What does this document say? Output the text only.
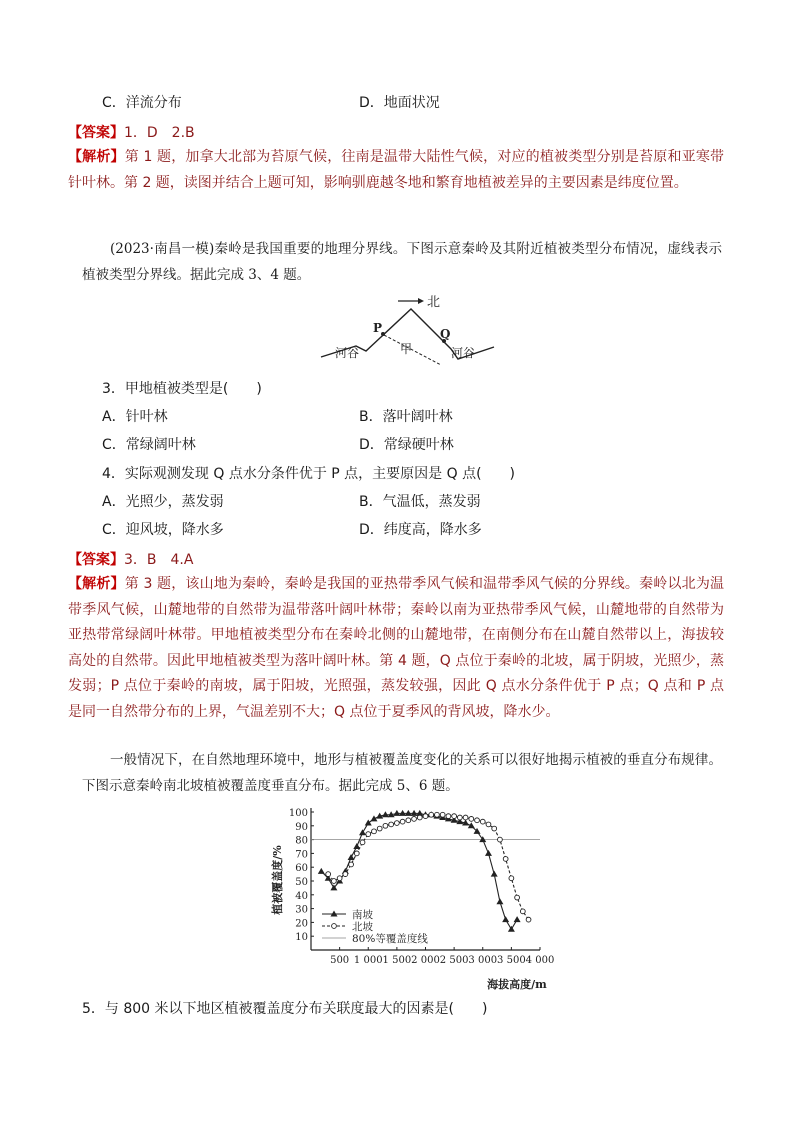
C．洋流分布	D．地面状况
【答案】1．D　2.B
【解析】第 1 题，加拿大北部为苔原气候，往南是温带大陆性气候，对应的植被类型分别是苔原和亚寒带针叶林。第 2 题，读图并结合上题可知，影响驯鹿越冬地和繁育地植被差异的主要因素是纬度位置。
(2023·南昌一模)秦岭是我国重要的地理分界线。下图示意秦岭及其附近植被类型分布情况，虚线表示植被类型分界线。据此完成 3、4 题。
北
P	Q
河谷	河谷
甲
3．甲地植被类型是(　　)
A．针叶林	B．落叶阔叶林
C．常绿阔叶林	D．常绿硬叶林
4．实际观测发现 Q 点水分条件优于 P 点，主要原因是 Q 点(　　)
A．光照少，蒸发弱	B．气温低，蒸发弱
C．迎风坡，降水多	D．纬度高，降水多
【答案】3．B　4.A
【解析】第 3 题，该山地为秦岭，秦岭是我国的亚热带季风气候和温带季风气候的分界线。秦岭以北为温带季风气候，山麓地带的自然带为温带落叶阔叶林带；秦岭以南为亚热带季风气候，山麓地带的自然带为亚热带常绿阔叶林带。甲地植被类型分布在秦岭北侧的山麓地带，在南侧分布在山麓自然带以上，海拔较高处的自然带。因此甲地植被类型为落叶阔叶林。第 4 题，Q 点位于秦岭的北坡，属于阴坡，光照少，蒸发弱；P 点位于秦岭的南坡，属于阳坡，光照强，蒸发较强，因此 Q 点水分条件优于 P 点；Q 点和 P 点是同一自然带分布的上界，气温差别不大；Q 点位于夏季风的背风坡，降水少。
一般情况下，在自然地理环境中，地形与植被覆盖度变化的关系可以很好地揭示植被的垂直分布规律。下图示意秦岭南北坡植被覆盖度垂直分布。据此完成 5、6 题。
10
20
30
40
50
60
70
80
90
100
500 1 000 1 500 2 000 2 500 3 000 3 500 4 000
南坡
北坡
80%等覆盖度线
植被覆盖度/%
海拔高度/m
5．与 800 米以下地区植被覆盖度分布关联度最大的因素是(　　)
